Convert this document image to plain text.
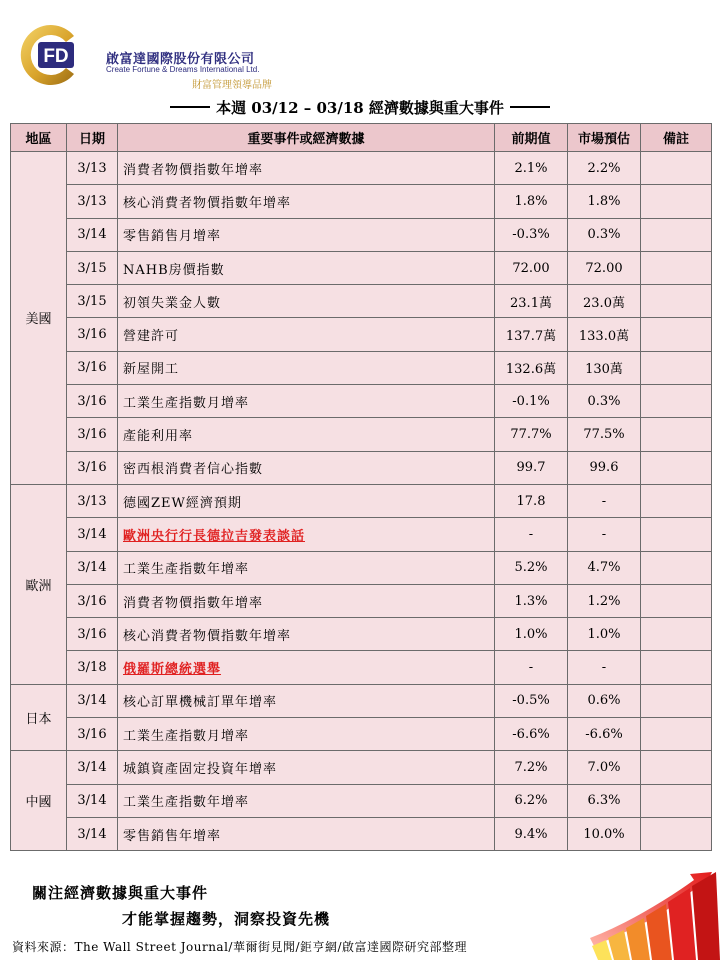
FD	啟富達國際股份有限公司
Create Fortune & Dreams International Ltd.
財富管理領導品牌
本週 03/12 – 03/18 經濟數據與重大事件
地區	日期	重要事件或經濟數據	前期值	市場預估	備註
美國	3/13	消費者物價指數年增率	2.1%	2.2%	
	3/13	核心消費者物價指數年增率	1.8%	1.8%	
	3/14	零售銷售月增率	-0.3%	0.3%	
	3/15	NAHB房價指數	72.00	72.00	
	3/15	初領失業金人數	23.1萬	23.0萬	
	3/16	營建許可	137.7萬	133.0萬	
	3/16	新屋開工	132.6萬	130萬	
	3/16	工業生產指數月增率	-0.1%	0.3%	
	3/16	產能利用率	77.7%	77.5%	
	3/16	密西根消費者信心指數	99.7	99.6	
歐洲	3/13	德國ZEW經濟預期	17.8	-	
	3/14	歐洲央行行長德拉吉發表談話	-	-	
	3/14	工業生產指數年增率	5.2%	4.7%	
	3/16	消費者物價指數年增率	1.3%	1.2%	
	3/16	核心消費者物價指數年增率	1.0%	1.0%	
	3/18	俄羅斯總統選舉	-	-	
日本	3/14	核心訂單機械訂單年增率	-0.5%	0.6%	
	3/16	工業生產指數月增率	-6.6%	-6.6%	
中國	3/14	城鎮資產固定投資年增率	7.2%	7.0%	
	3/14	工業生產指數年增率	6.2%	6.3%	
	3/14	零售銷售年增率	9.4%	10.0%	
關注經濟數據與重大事件
才能掌握趨勢，洞察投資先機
資料來源：The Wall Street Journal/華爾街見聞/鉅亨網/啟富達國際研究部整理
